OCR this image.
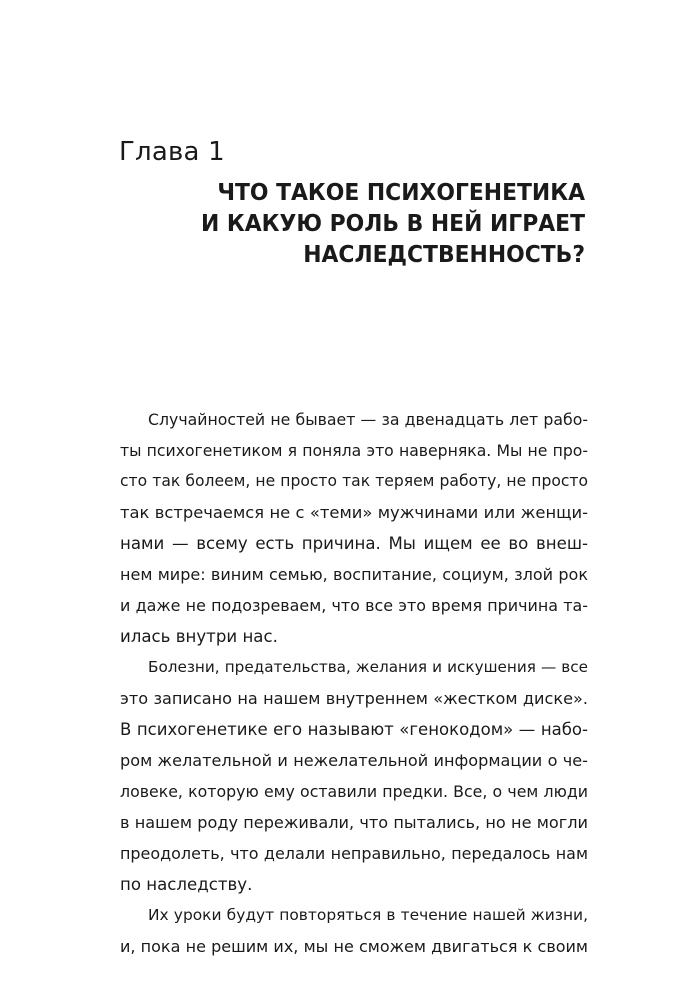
Глава 1
ЧТО ТАКОЕ ПСИХОГЕНЕТИКА
И КАКУЮ РОЛЬ В НЕЙ ИГРАЕТ
НАСЛЕДСТВЕННОСТЬ?
Случайностей не бывает — за двенадцать лет рабо-
ты психогенетиком я поняла это наверняка. Мы не про-
сто так болеем, не просто так теряем работу, не просто
так встречаемся не с «теми» мужчинами или женщи-
нами — всему есть причина. Мы ищем ее во внеш-
нем мире: виним семью, воспитание, социум, злой рок
и даже не подозреваем, что все это время причина та-
илась внутри нас.
Болезни, предательства, желания и искушения — все
это записано на нашем внутреннем «жестком диске».
В психогенетике его называют «генокодом» — набо-
ром желательной и нежелательной информации о че-
ловеке, которую ему оставили предки. Все, о чем люди
в нашем роду переживали, что пытались, но не могли
преодолеть, что делали неправильно, передалось нам
по наследству.
Их уроки будут повторяться в течение нашей жизни,
и, пока не решим их, мы не сможем двигаться к своим
